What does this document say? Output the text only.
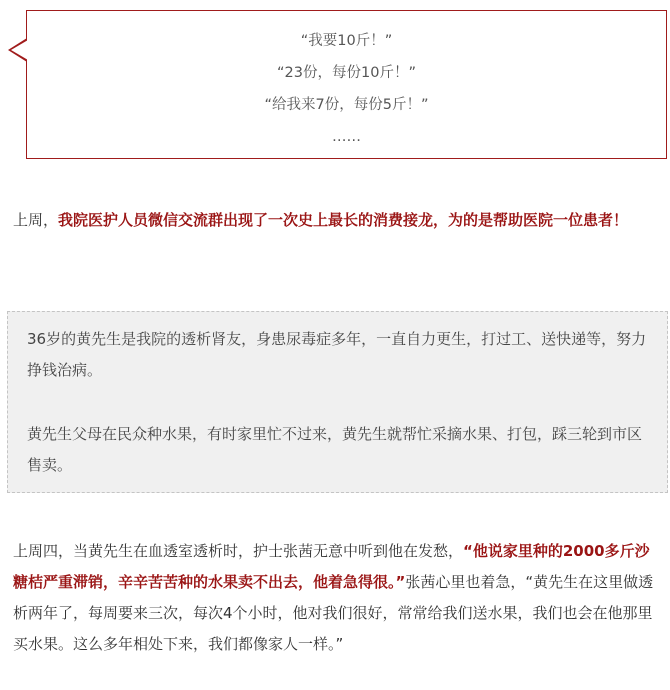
“我要10斤！”
“23份，每份10斤！”
“给我来7份，每份5斤！”
……

上周，我院医护人员微信交流群出现了一次史上最长的消费接龙，为的是帮助医院一位患者！

36岁的黄先生是我院的透析肾友，身患尿毒症多年，一直自力更生，打过工、送快递等，努力挣钱治病。

黄先生父母在民众种水果，有时家里忙不过来，黄先生就帮忙采摘水果、打包，踩三轮到市区售卖。

上周四，当黄先生在血透室透析时，护士张茜无意中听到他在发愁，“他说家里种的2000多斤沙糖桔严重滞销，辛辛苦苦种的水果卖不出去，他着急得很。”张茜心里也着急，“黄先生在这里做透析两年了，每周要来三次，每次4个小时，他对我们很好，常常给我们送水果，我们也会在他那里买水果。这么多年相处下来，我们都像家人一样。”
